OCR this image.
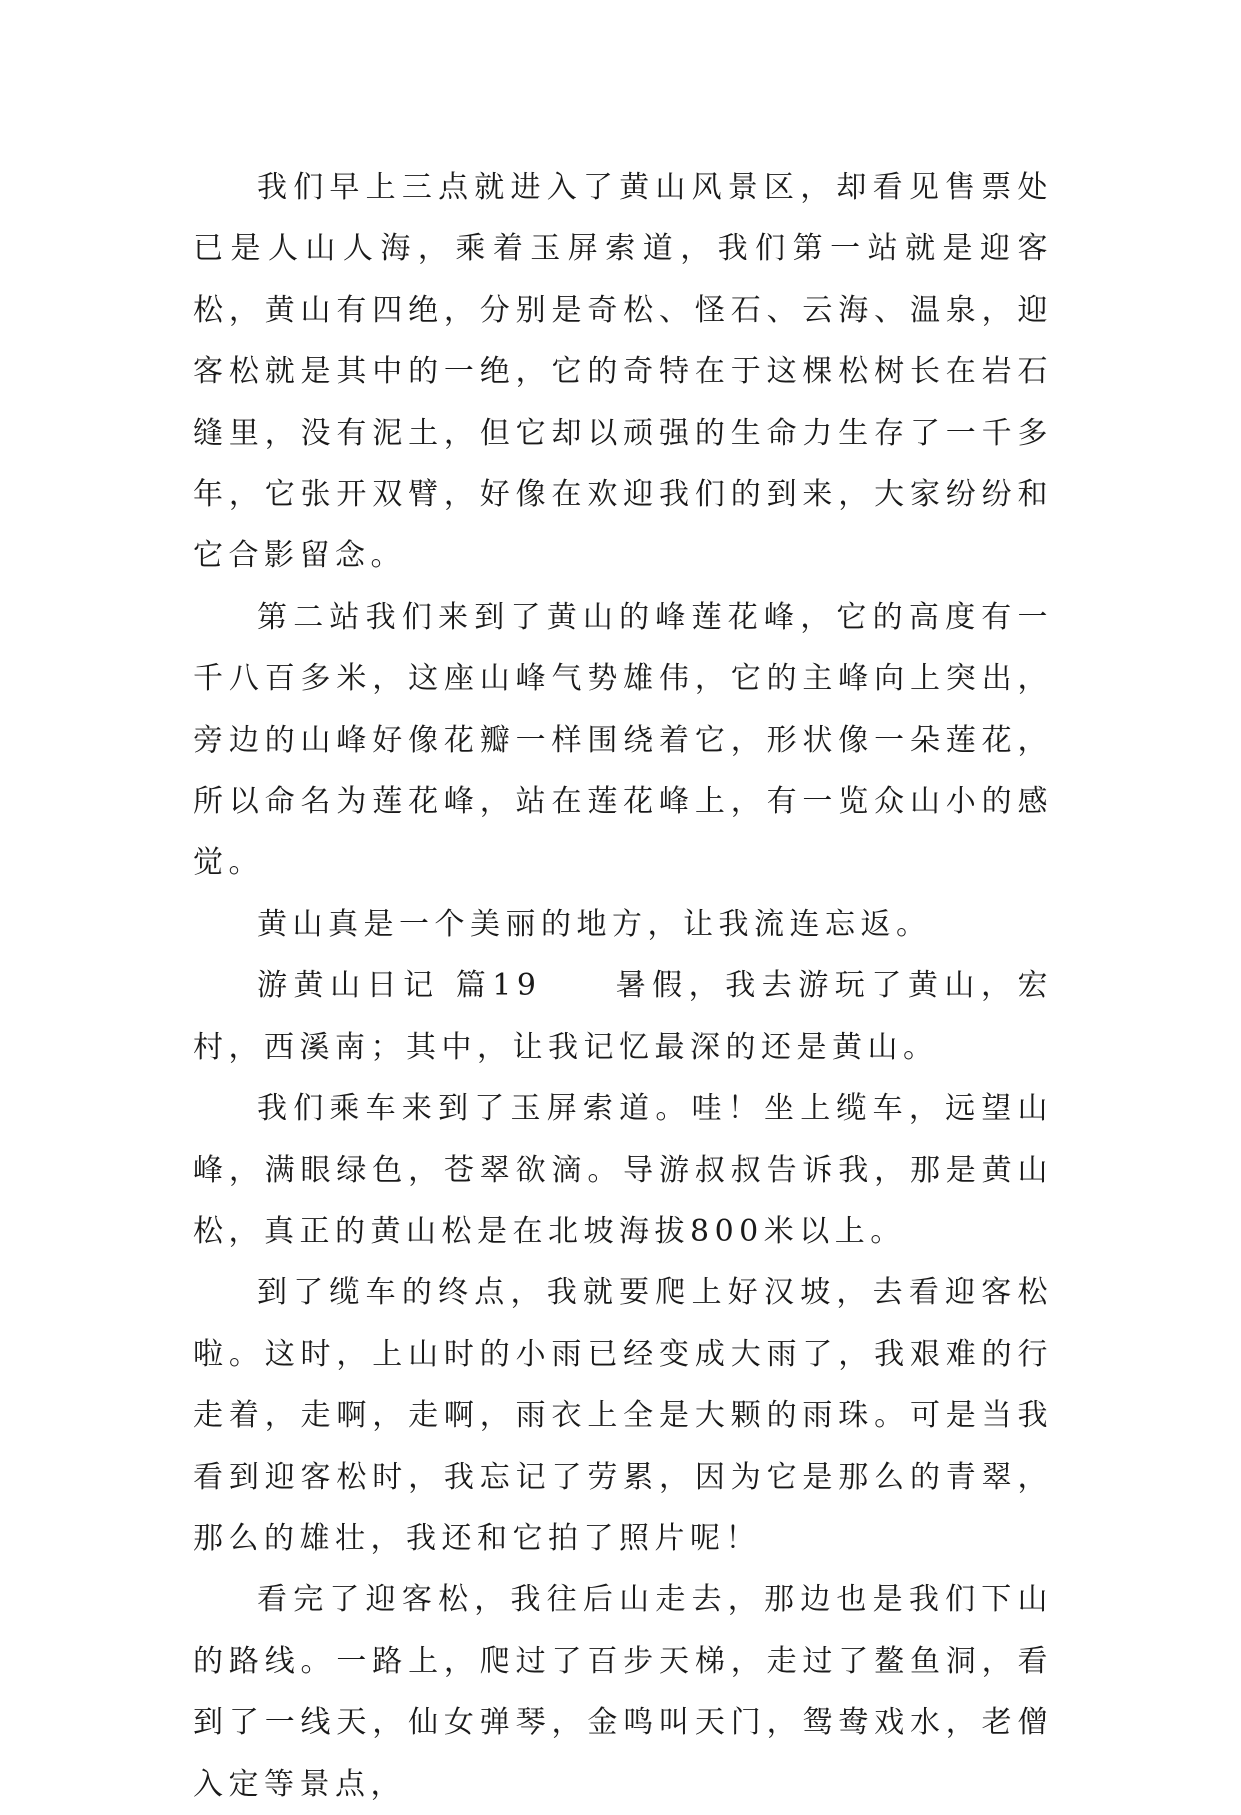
我们早上三点就进入了黄山风景区，却看见售票处已是人山人海，乘着玉屏索道，我们第一站就是迎客松，黄山有四绝，分别是奇松、怪石、云海、温泉，迎客松就是其中的一绝，它的奇特在于这棵松树长在岩石缝里，没有泥土，但它却以顽强的生命力生存了一千多年，它张开双臂，好像在欢迎我们的到来，大家纷纷和它合影留念。

第二站我们来到了黄山的峰莲花峰，它的高度有一千八百多米，这座山峰气势雄伟，它的主峰向上突出，旁边的山峰好像花瓣一样围绕着它，形状像一朵莲花，所以命名为莲花峰，站在莲花峰上，有一览众山小的感觉。

黄山真是一个美丽的地方，让我流连忘返。

游黄山日记 篇19　　暑假，我去游玩了黄山，宏村，西溪南；其中，让我记忆最深的还是黄山。

我们乘车来到了玉屏索道。哇！坐上缆车，远望山峰，满眼绿色，苍翠欲滴。导游叔叔告诉我，那是黄山松，真正的黄山松是在北坡海拔800米以上。

到了缆车的终点，我就要爬上好汉坡，去看迎客松啦。这时，上山时的小雨已经变成大雨了，我艰难的行走着，走啊，走啊，雨衣上全是大颗的雨珠。可是当我看到迎客松时，我忘记了劳累，因为它是那么的青翠，那么的雄壮，我还和它拍了照片呢！

看完了迎客松，我往后山走去，那边也是我们下山的路线。一路上，爬过了百步天梯，走过了鳌鱼洞，看到了一线天，仙女弹琴，金鸣叫天门，鸳鸯戏水，老僧入定等景点，
